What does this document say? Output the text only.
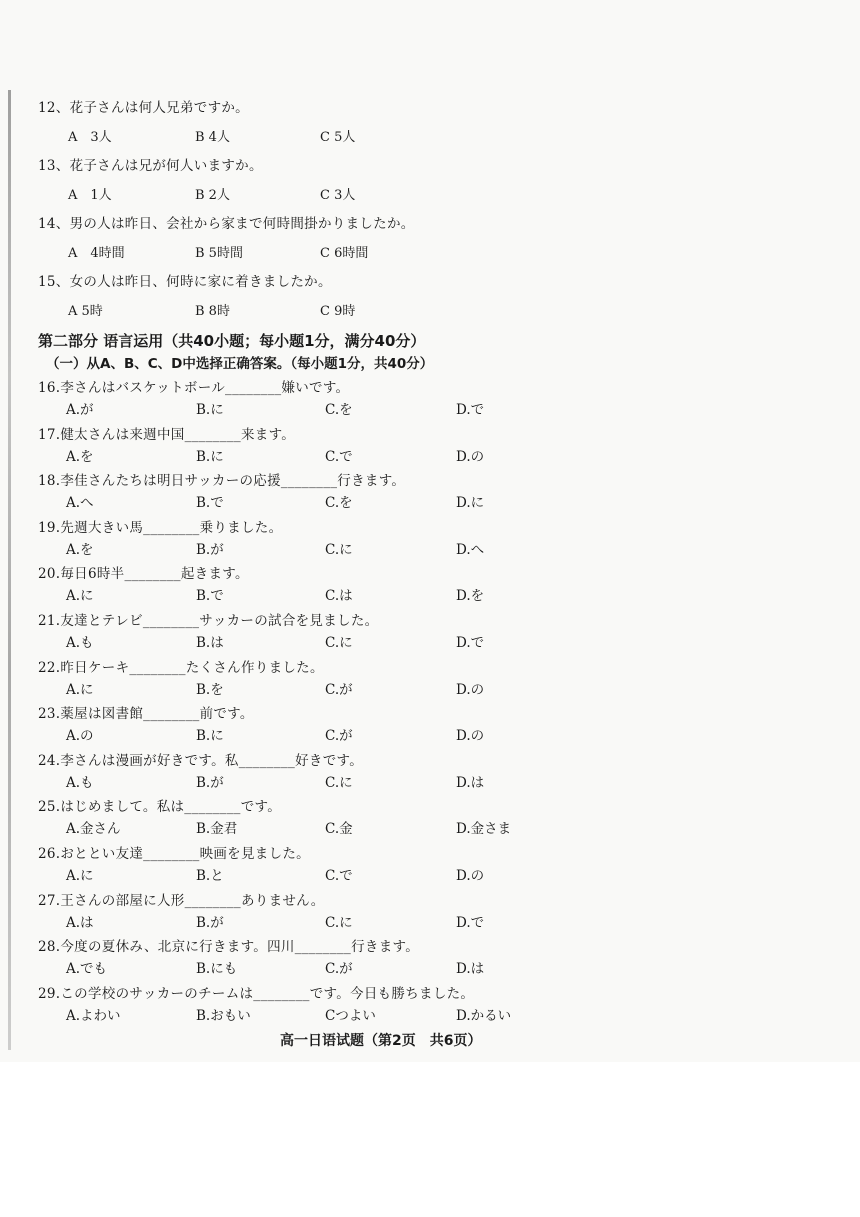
12、花子さんは何人兄弟ですか。
A　3人	B 4人	C 5人
13、花子さんは兄が何人いますか。
A　1人	B 2人	C 3人
14、男の人は昨日、会社から家まで何時間掛かりましたか。
A　4時間	B 5時間	C 6時間
15、女の人は昨日、何時に家に着きましたか。
A 5時	B 8時	C 9時
第二部分 语言运用（共40小题；每小题1分，满分40分）
（一）从A、B、C、D中选择正确答案。（每小题1分，共40分）
16.李さんはバスケットボール________嫌いです。
A.が	B.に	C.を	D.で
17.健太さんは来週中国________来ます。
A.を	B.に	C.で	D.の
18.李佳さんたちは明日サッカーの応援________行きます。
A.へ	B.で	C.を	D.に
19.先週大きい馬________乗りました。
A.を	B.が	C.に	D.へ
20.毎日6時半________起きます。
A.に	B.で	C.は	D.を
21.友達とテレビ________サッカーの試合を見ました。
A.も	B.は	C.に	D.で
22.昨日ケーキ________たくさん作りました。
A.に	B.を	C.が	D.の
23.薬屋は図書館________前です。
A.の	B.に	C.が	D.の
24.李さんは漫画が好きです。私________好きです。
A.も	B.が	C.に	D.は
25.はじめまして。私は________です。
A.金さん	B.金君	C.金	D.金さま
26.おととい友達________映画を見ました。
A.に	B.と	C.で	D.の
27.王さんの部屋に人形________ありません。
A.は	B.が	C.に	D.で
28.今度の夏休み、北京に行きます。四川________行きます。
A.でも	B.にも	C.が	D.は
29.この学校のサッカーのチームは________です。今日も勝ちました。
A.よわい	B.おもい	Cつよい	D.かるい
高一日语试题（第2页　共6页）
